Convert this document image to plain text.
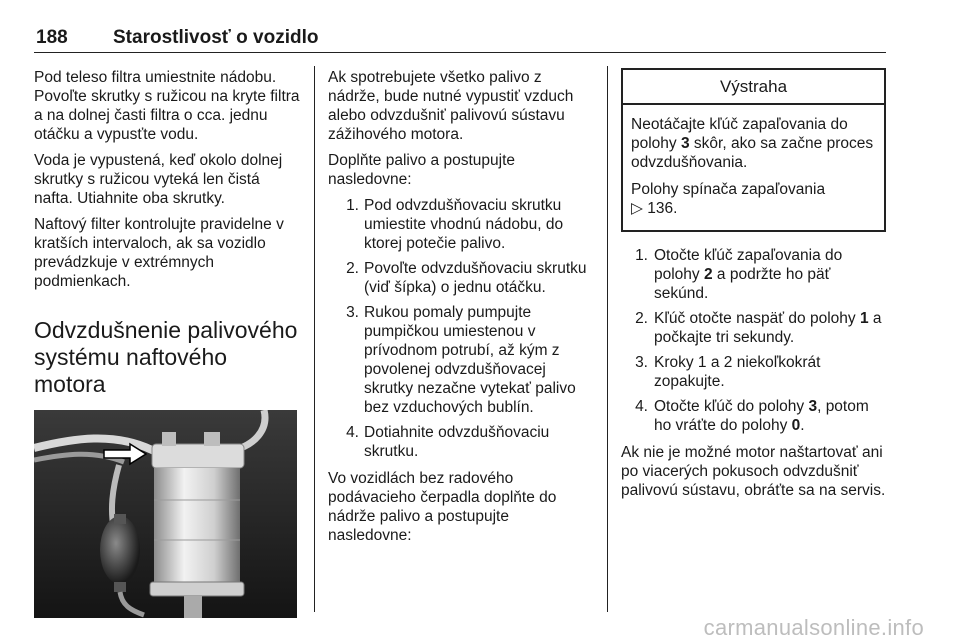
188 Starostlivosť o vozidlo

Pod teleso filtra umiestnite nádobu. Povoľte skrutky s ružicou na kryte filtra a na dolnej časti filtra o cca. jednu otáčku a vypusťte vodu.

Voda je vypustená, keď okolo dolnej skrutky s ružicou vyteká len čistá nafta. Utiahnite oba skrutky.

Naftový filter kontrolujte pravidelne v kratších intervaloch, ak sa vozidlo prevádzkuje v extrémnych podmienkach.

Odvzdušnenie palivového systému naftového motora

Ak spotrebujete všetko palivo z nádrže, bude nutné vypustiť vzduch alebo odvzdušniť palivovú sústavu zážihového motora.

Doplňte palivo a postupujte nasledovne:

1. Pod odvzdušňovaciu skrutku umiestite vhodnú nádobu, do ktorej potečie palivo.
2. Povoľte odvzdušňovaciu skrutku (viď šípka) o jednu otáčku.
3. Rukou pomaly pumpujte pumpičkou umiestenou v prívodnom potrubí, až kým z povolenej odvzdušňovacej skrutky nezačne vytekať palivo bez vzduchových bublín.
4. Dotiahnite odvzdušňovaciu skrutku.

Vo vozidlách bez radového podávacieho čerpadla doplňte do nádrže palivo a postupujte nasledovne:

Výstraha

Neotáčajte kľúč zapaľovania do polohy 3 skôr, ako sa začne proces odvzdušňovania.

Polohy spínača zapaľovania
▷ 136.

1. Otočte kľúč zapaľovania do polohy 2 a podržte ho päť sekúnd.
2. Kľúč otočte naspäť do polohy 1 a počkajte tri sekundy.
3. Kroky 1 a 2 niekoľkokrát zopakujte.
4. Otočte kľúč do polohy 3, potom ho vráťte do polohy 0.

Ak nie je možné motor naštartovať ani po viacerých pokusoch odvzdušniť palivovú sústavu, obráťte sa na servis.

carmanualsonline.info
